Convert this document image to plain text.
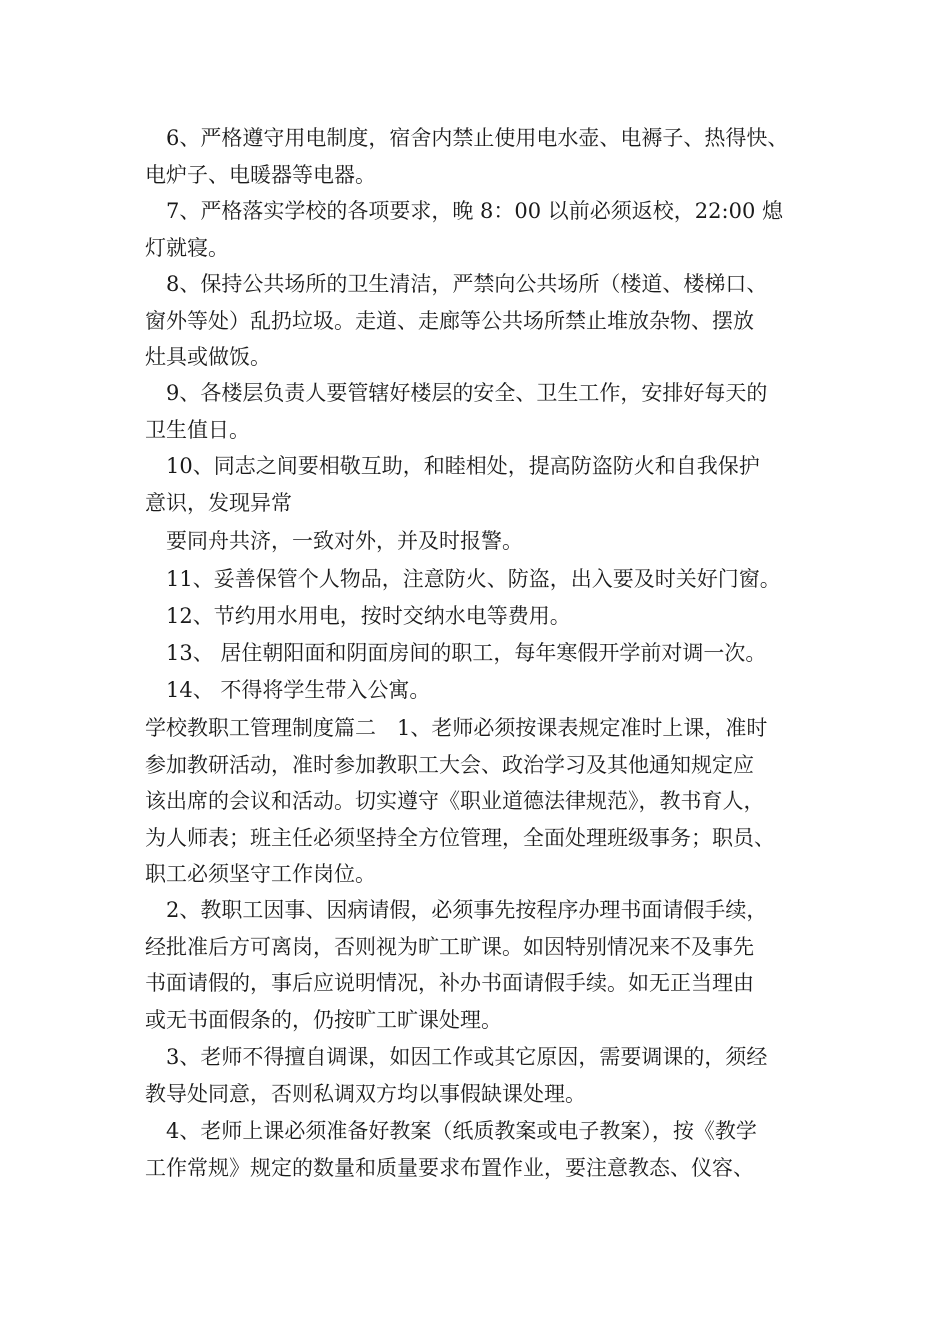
　6、严格遵守用电制度，宿舍内禁止使用电水壶、电褥子、热得快、
电炉子、电暖器等电器。
　7、严格落实学校的各项要求，晚 8：00 以前必须返校，22:00 熄
灯就寝。
　8、保持公共场所的卫生清洁，严禁向公共场所（楼道、楼梯口、
窗外等处）乱扔垃圾。走道、走廊等公共场所禁止堆放杂物、摆放
灶具或做饭。
　9、各楼层负责人要管辖好楼层的安全、卫生工作，安排好每天的
卫生值日。
　10、同志之间要相敬互助，和睦相处，提高防盗防火和自我保护
意识，发现异常
　要同舟共济，一致对外，并及时报警。
　11、妥善保管个人物品，注意防火、防盗，出入要及时关好门窗。
　12、节约用水用电，按时交纳水电等费用。
　13、 居住朝阳面和阴面房间的职工，每年寒假开学前对调一次。
　14、 不得将学生带入公寓。
学校教职工管理制度篇二　1、老师必须按课表规定准时上课，准时
参加教研活动，准时参加教职工大会、政治学习及其他通知规定应
该出席的会议和活动。切实遵守《职业道德法律规范》，教书育人，
为人师表；班主任必须坚持全方位管理，全面处理班级事务；职员、
职工必须坚守工作岗位。
　2、教职工因事、因病请假，必须事先按程序办理书面请假手续，
经批准后方可离岗，否则视为旷工旷课。如因特别情况来不及事先
书面请假的，事后应说明情况，补办书面请假手续。如无正当理由
或无书面假条的，仍按旷工旷课处理。
　3、老师不得擅自调课，如因工作或其它原因，需要调课的，须经
教导处同意，否则私调双方均以事假缺课处理。
　4、老师上课必须准备好教案（纸质教案或电子教案），按《教学
工作常规》规定的数量和质量要求布置作业，要注意教态、仪容、
